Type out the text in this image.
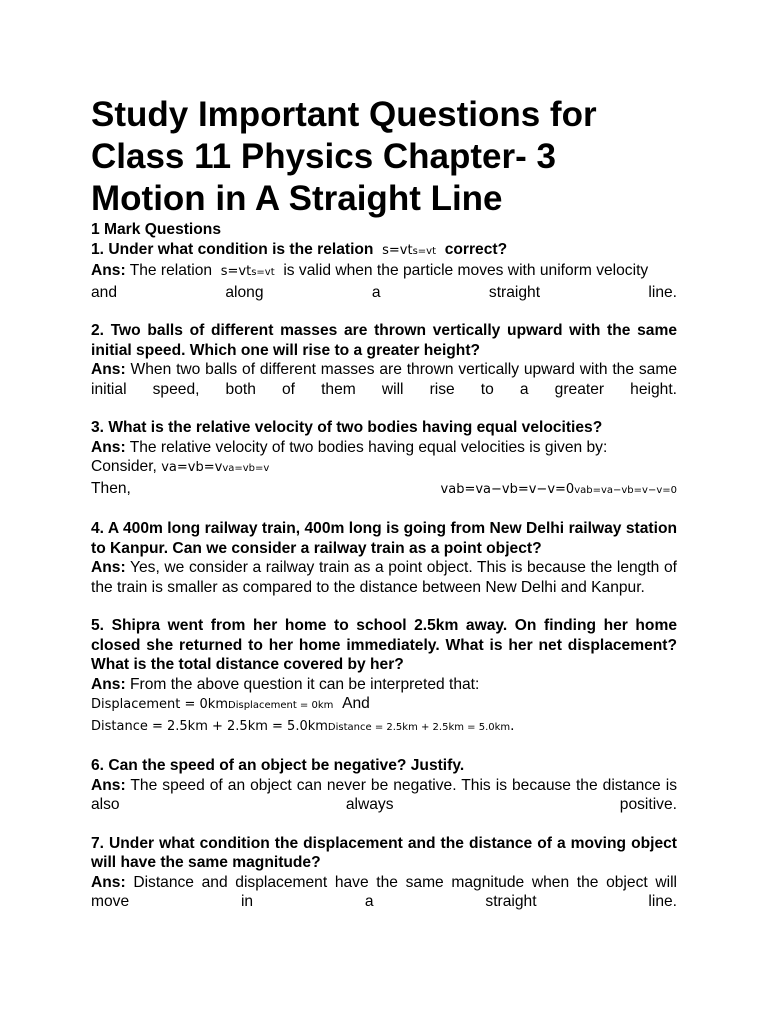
Study Important Questions for
Class 11 Physics Chapter- 3
Motion in A Straight Line

1 Mark Questions

1. Under what condition is the relation s=vts=vt correct?

Ans: The relation s=vts=vt is valid when the particle moves with uniform velocity

and along a straight line.

2. Two balls of different masses are thrown vertically upward with the same initial speed. Which one will rise to a greater height?

Ans: When two balls of different masses are thrown vertically upward with the same initial speed, both of them will rise to a greater height.

3. What is the relative velocity of two bodies having equal velocities?

Ans: The relative velocity of two bodies having equal velocities is given by:

Consider, va=vb=vva=vb=v

Then,	vab=va−vb=v−v=0vab=va−vb=v−v=0

4. A 400m long railway train, 400m long is going from New Delhi railway station to Kanpur. Can we consider a railway train as a point object?

Ans: Yes, we consider a railway train as a point object. This is because the length of the train is smaller as compared to the distance between New Delhi and Kanpur.

5. Shipra went from her home to school 2.5km away. On finding her home closed she returned to her home immediately. What is her net displacement? What is the total distance covered by her?

Ans: From the above question it can be interpreted that:

Displacement = 0kmDisplacement = 0km And

Distance = 2.5km + 2.5km = 5.0kmDistance = 2.5km + 2.5km = 5.0km.

6. Can the speed of an object be negative? Justify.

Ans: The speed of an object can never be negative. This is because the distance is also always positive.

7. Under what condition the displacement and the distance of a moving object will have the same magnitude?

Ans: Distance and displacement have the same magnitude when the object will move in a straight line.
